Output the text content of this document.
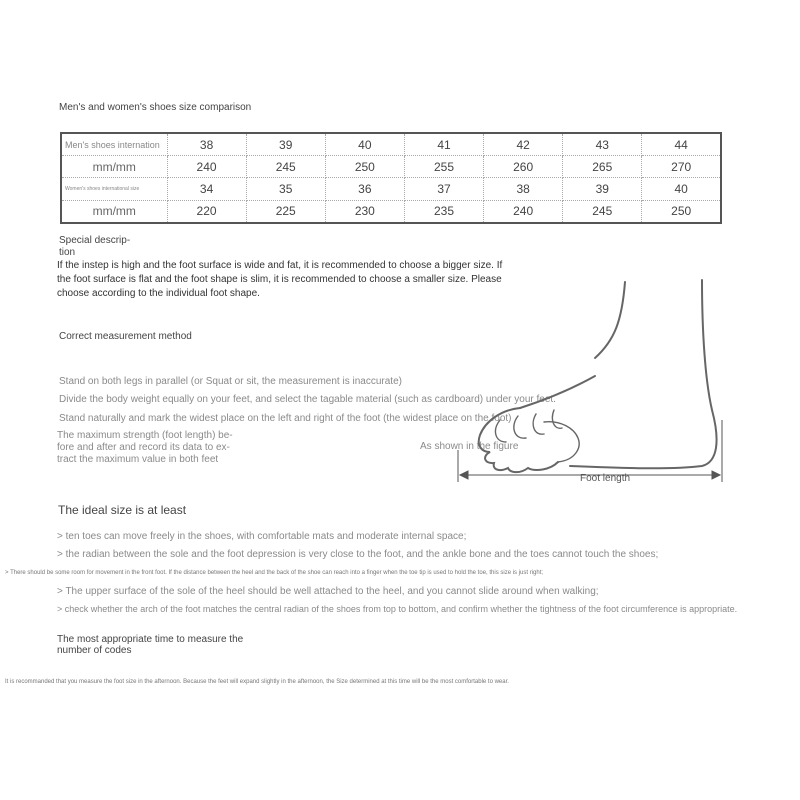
Men's and women's shoes size comparison
Men's shoes internation	38	39	40	41	42	43	44
mm/mm	240	245	250	255	260	265	270
Women's shoes international size	34	35	36	37	38	39	40
mm/mm	220	225	230	235	240	245	250
Special descrip-
tion
If the instep is high and the foot surface is wide and fat, it is recommended to choose a bigger size. If the foot surface is flat and the foot shape is slim, it is recommended to choose a smaller size. Please choose according to the individual foot shape.
Correct measurement method
Stand on both legs in parallel (or Squat or sit, the measurement is inaccurate)
Divide the body weight equally on your feet, and select the tagable material (such as cardboard) under your feet.
Stand naturally and mark the widest place on the left and right of the foot (the widest place on the foot)
The maximum strength (foot length) be-
fore and after and record its data to ex-
tract the maximum value in both feet
As shown in the figure
Foot length
The ideal size is at least
> ten toes can move freely in the shoes, with comfortable mats and moderate internal space;
> the radian between the sole and the foot depression is very close to the foot, and the ankle bone and the toes cannot touch the shoes;
> There should be some room for movement in the front foot. If the distance between the heel and the back of the shoe can reach into a finger when the toe tip is used to hold the toe, this size is just right;
> The upper surface of the sole of the heel should be well attached to the heel, and you cannot slide around when walking;
> check whether the arch of the foot matches the central radian of the shoes from top to bottom, and confirm whether the tightness of the foot circumference is appropriate.
The most appropriate time to measure the
number of codes
It is recommanded that you measure the foot size in the afternoon. Because the feet will expand slightly in the afternoon, the Size determined at this time will be the most comfortable to wear.
